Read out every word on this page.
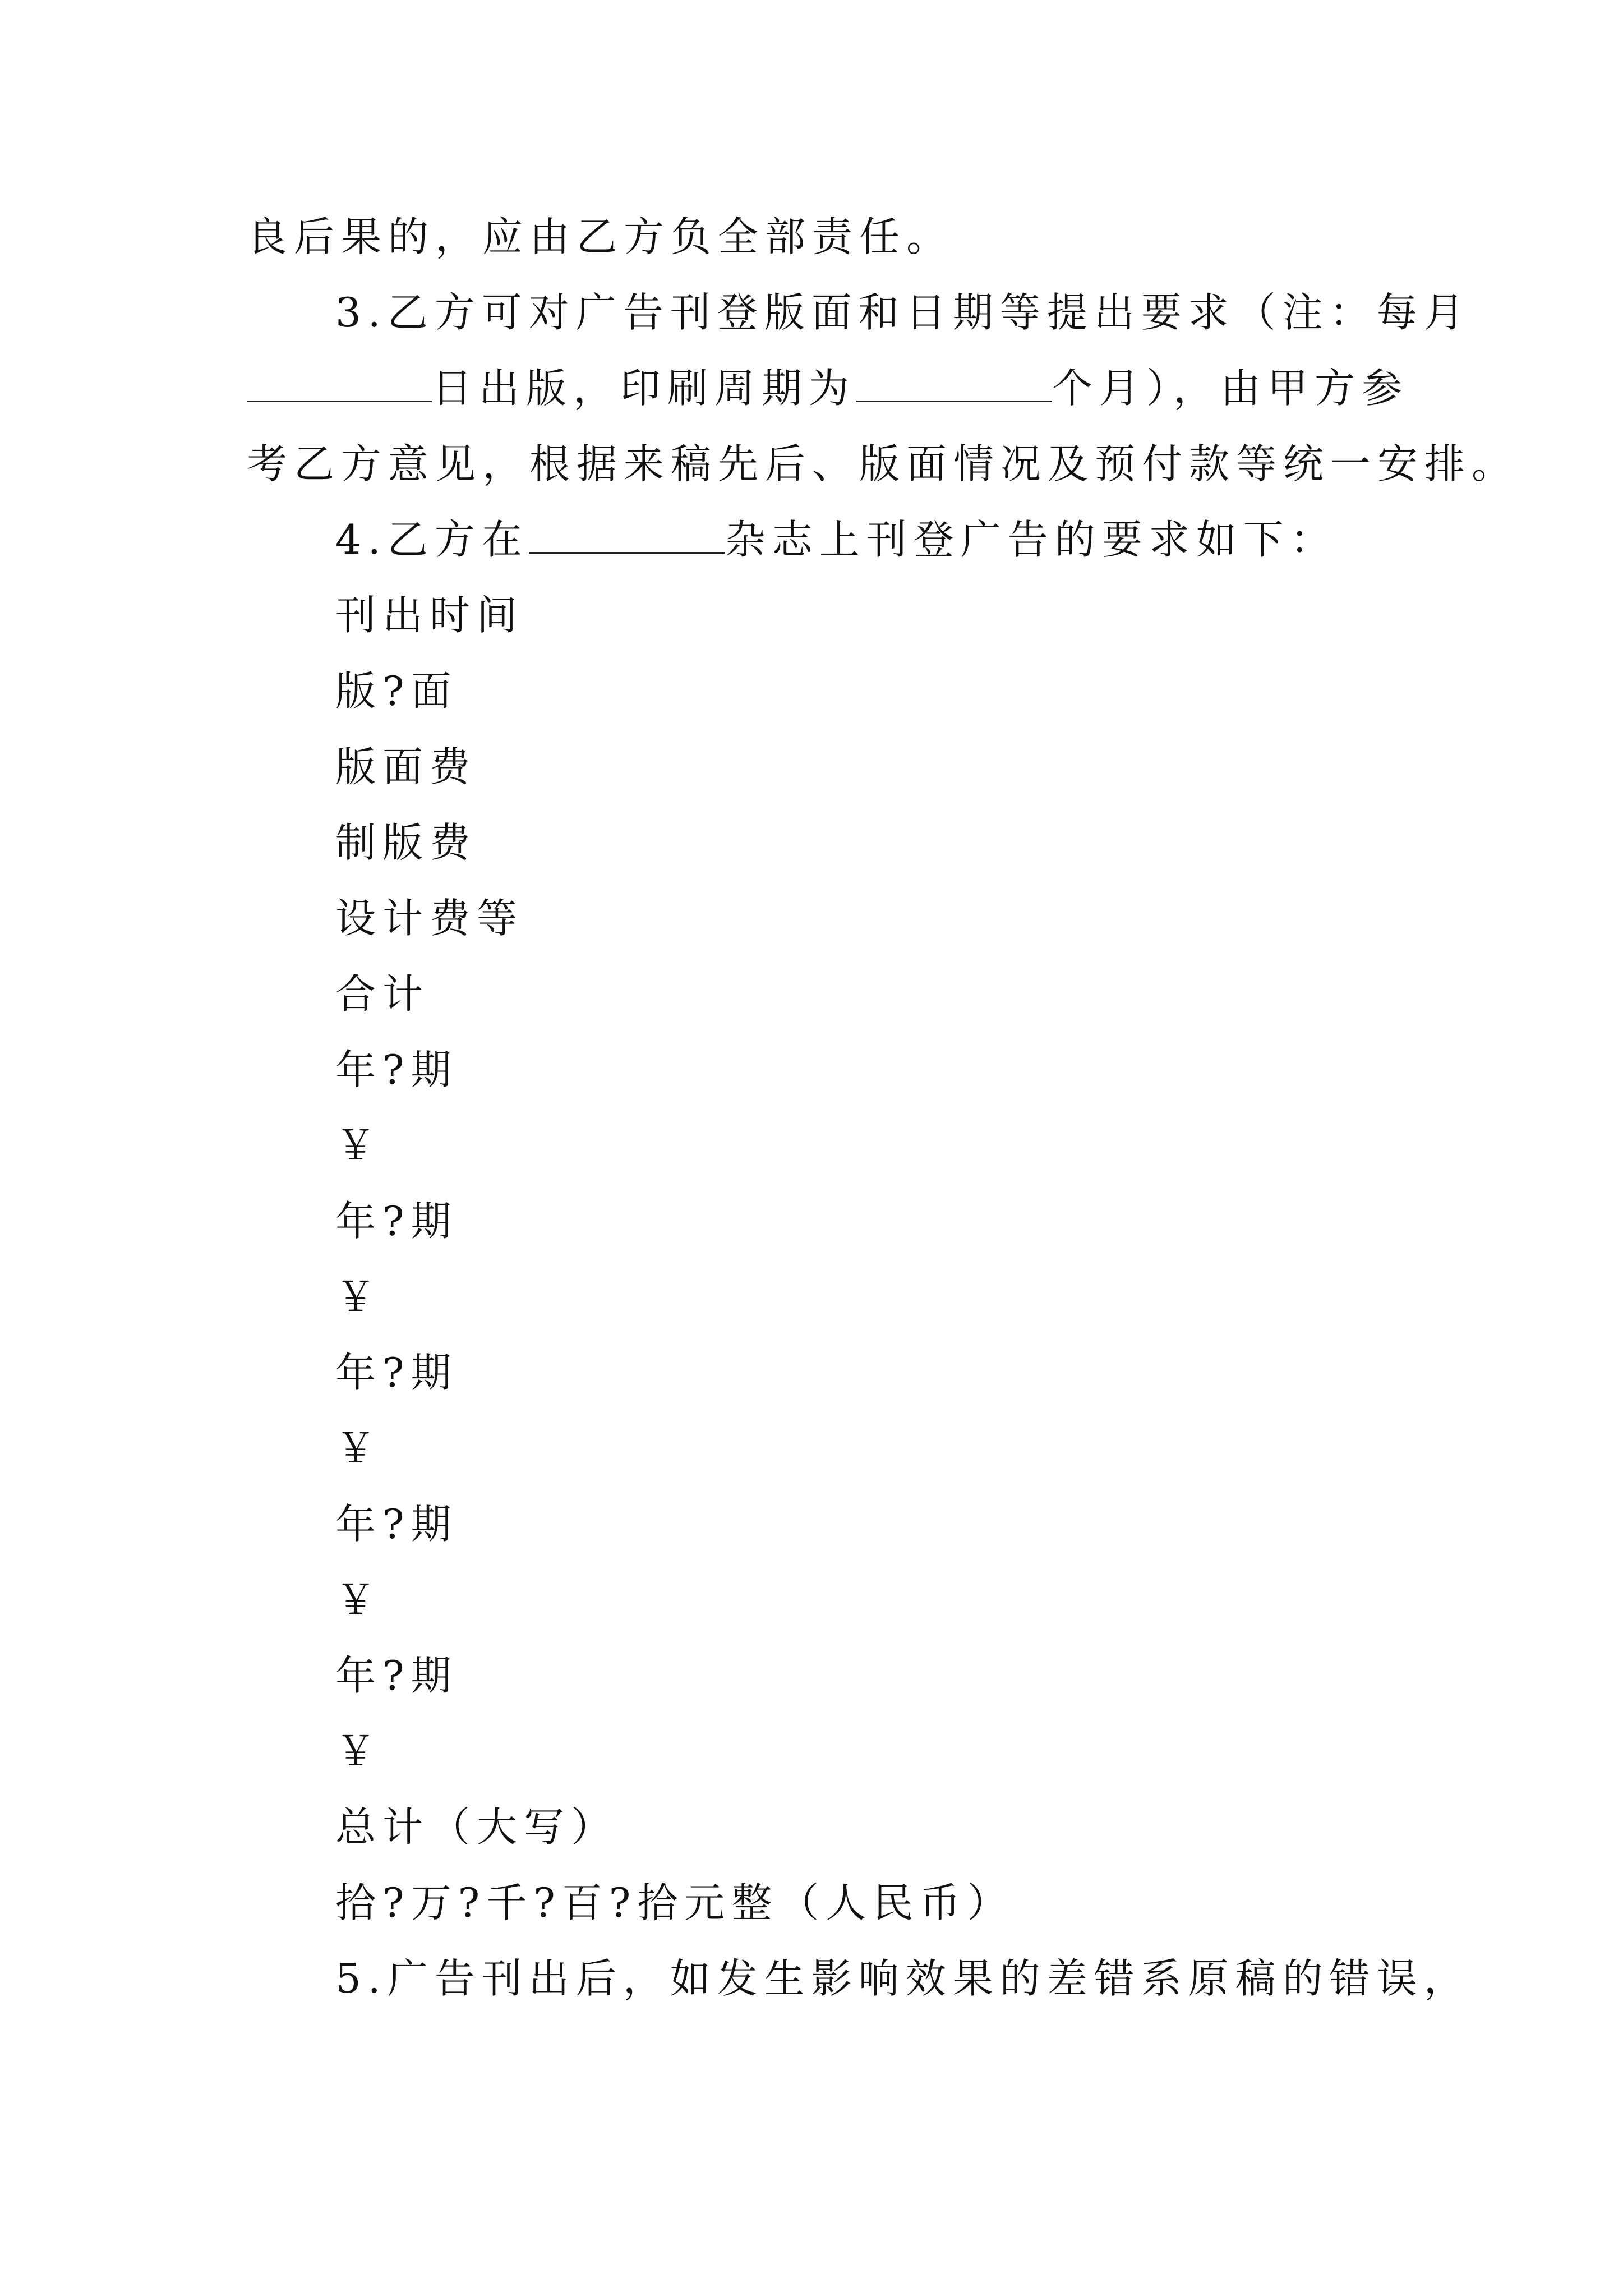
良后果的，应由乙方负全部责任。
3.乙方可对广告刊登版面和日期等提出要求（注：每月
日出版，印刷周期为	个月），由甲方参
考乙方意见，根据来稿先后、版面情况及预付款等统一安排。
4.乙方在	杂志上刊登广告的要求如下：
刊出时间
版?面
版面费
制版费
设计费等
合计
年?期
￥
年?期
￥
年?期
￥
年?期
￥
年?期
￥
总计（大写）
拾?万?千?百?拾元整（人民币）
5.广告刊出后，如发生影响效果的差错系原稿的错误，
